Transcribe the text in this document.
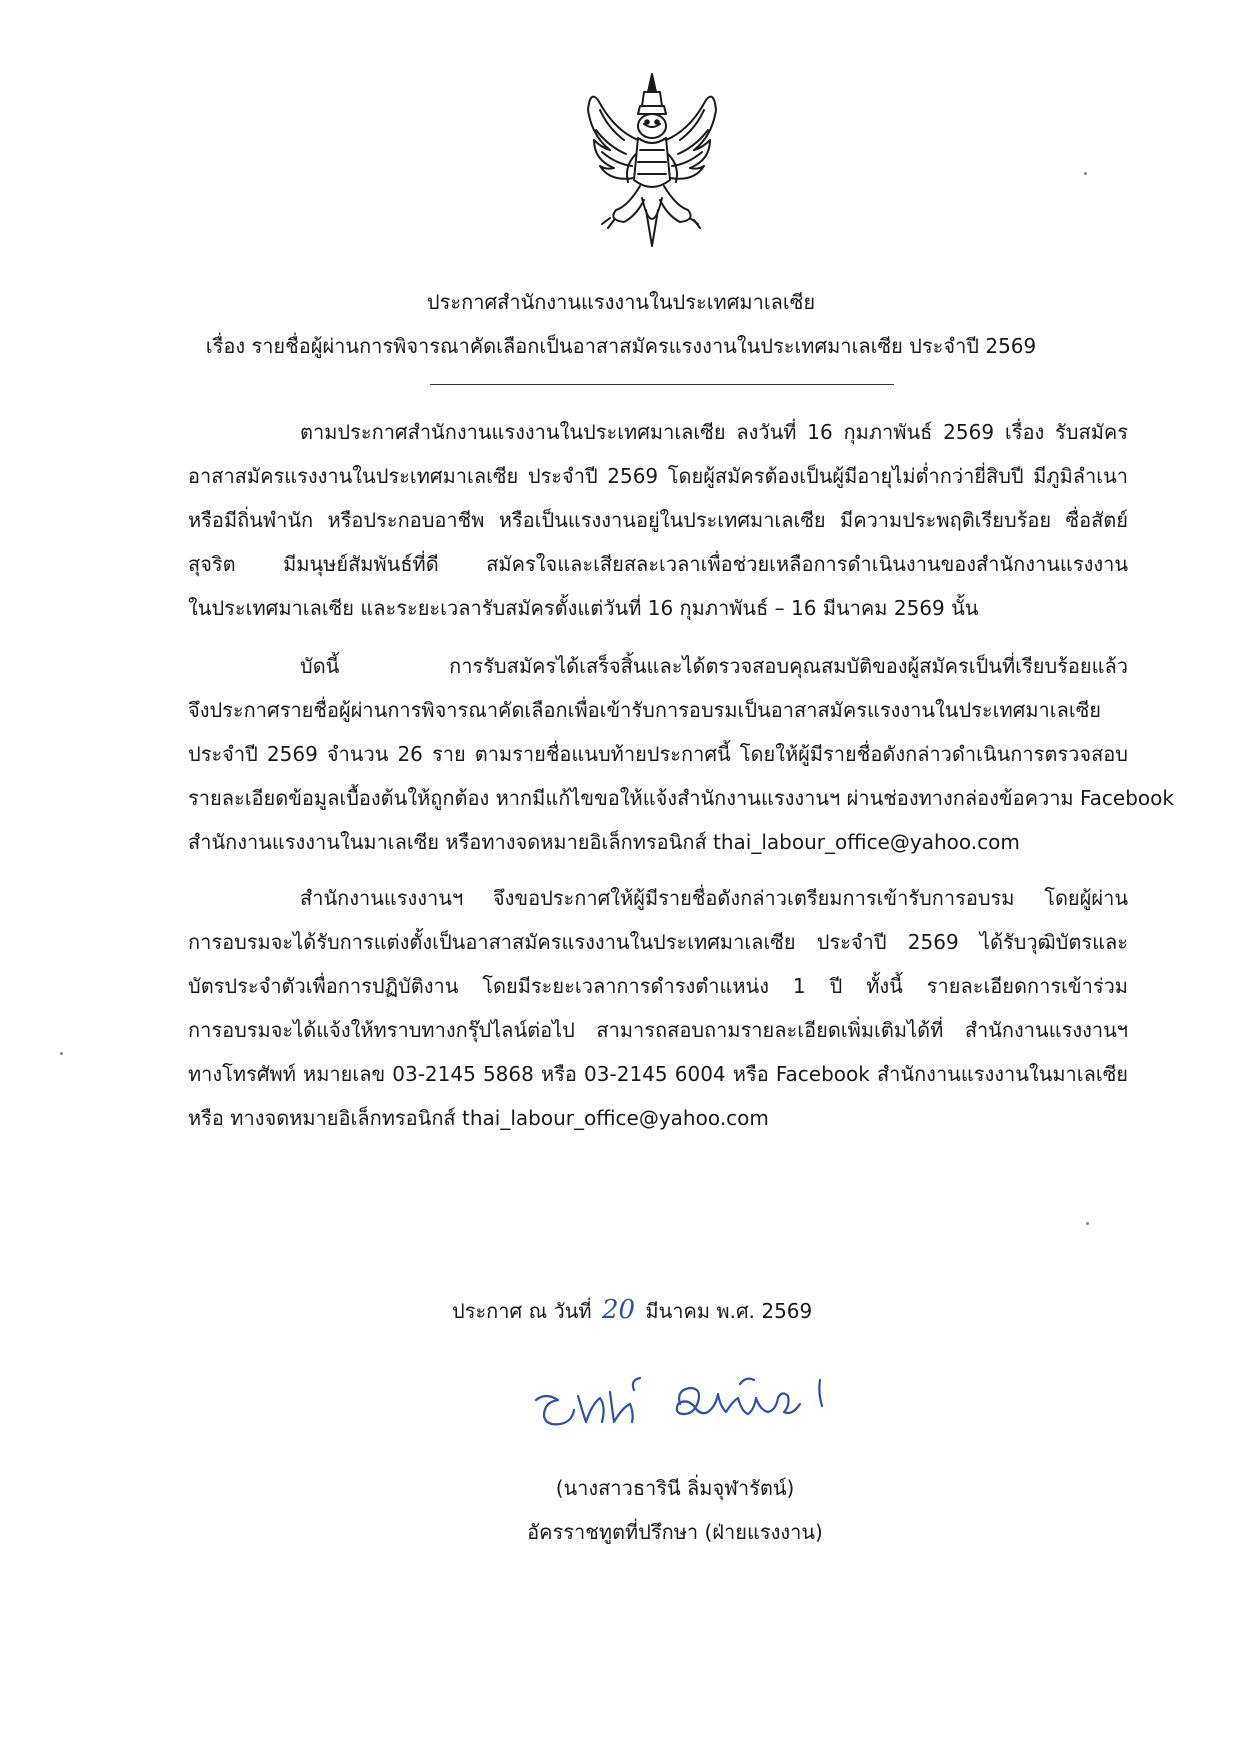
ประกาศสำนักงานแรงงานในประเทศมาเลเซีย
เรื่อง รายชื่อผู้ผ่านการพิจารณาคัดเลือกเป็นอาสาสมัครแรงงานในประเทศมาเลเซีย ประจำปี 2569
ตามประกาศสำนักงานแรงงานในประเทศมาเลเซีย ลงวันที่ 16 กุมภาพันธ์ 2569 เรื่อง รับสมัคร
อาสาสมัครแรงงานในประเทศมาเลเซีย ประจำปี 2569 โดยผู้สมัครต้องเป็นผู้มีอายุไม่ต่ำกว่ายี่สิบปี มีภูมิลำเนา
หรือมีถิ่นพำนัก หรือประกอบอาชีพ หรือเป็นแรงงานอยู่ในประเทศมาเลเซีย มีความประพฤติเรียบร้อย ซื่อสัตย์
สุจริต มีมนุษย์สัมพันธ์ที่ดี สมัครใจและเสียสละเวลาเพื่อช่วยเหลือการดำเนินงานของสำนักงานแรงงาน
ในประเทศมาเลเซีย และระยะเวลารับสมัครตั้งแต่วันที่ 16 กุมภาพันธ์ – 16 มีนาคม 2569 นั้น
บัดนี้ การรับสมัครได้เสร็จสิ้นและได้ตรวจสอบคุณสมบัติของผู้สมัครเป็นที่เรียบร้อยแล้ว
จึงประกาศรายชื่อผู้ผ่านการพิจารณาคัดเลือกเพื่อเข้ารับการอบรมเป็นอาสาสมัครแรงงานในประเทศมาเลเซีย
ประจำปี 2569 จำนวน 26 ราย ตามรายชื่อแนบท้ายประกาศนี้ โดยให้ผู้มีรายชื่อดังกล่าวดำเนินการตรวจสอบ
รายละเอียดข้อมูลเบื้องต้นให้ถูกต้อง หากมีแก้ไขขอให้แจ้งสำนักงานแรงงานฯ ผ่านช่องทางกล่องข้อความ Facebook
สำนักงานแรงงานในมาเลเซีย หรือทางจดหมายอิเล็กทรอนิกส์ thai_labour_office@yahoo.com
สำนักงานแรงงานฯ จึงขอประกาศให้ผู้มีรายชื่อดังกล่าวเตรียมการเข้ารับการอบรม โดยผู้ผ่าน
การอบรมจะได้รับการแต่งตั้งเป็นอาสาสมัครแรงงานในประเทศมาเลเซีย ประจำปี 2569 ได้รับวุฒิบัตรและ
บัตรประจำตัวเพื่อการปฏิบัติงาน โดยมีระยะเวลาการดำรงตำแหน่ง 1 ปี ทั้งนี้ รายละเอียดการเข้าร่วม
การอบรมจะได้แจ้งให้ทราบทางกรุ๊ปไลน์ต่อไป สามารถสอบถามรายละเอียดเพิ่มเติมได้ที่ สำนักงานแรงงานฯ
ทางโทรศัพท์ หมายเลข 03-2145 5868 หรือ 03-2145 6004 หรือ Facebook สำนักงานแรงงานในมาเลเซีย
หรือ ทางจดหมายอิเล็กทรอนิกส์ thai_labour_office@yahoo.com
ประกาศ ณ วันที่ 20 มีนาคม พ.ศ. 2569
(นางสาวธารินี ลิ่มจุฬารัตน์)
อัครราชทูตที่ปรึกษา (ฝ่ายแรงงาน)
